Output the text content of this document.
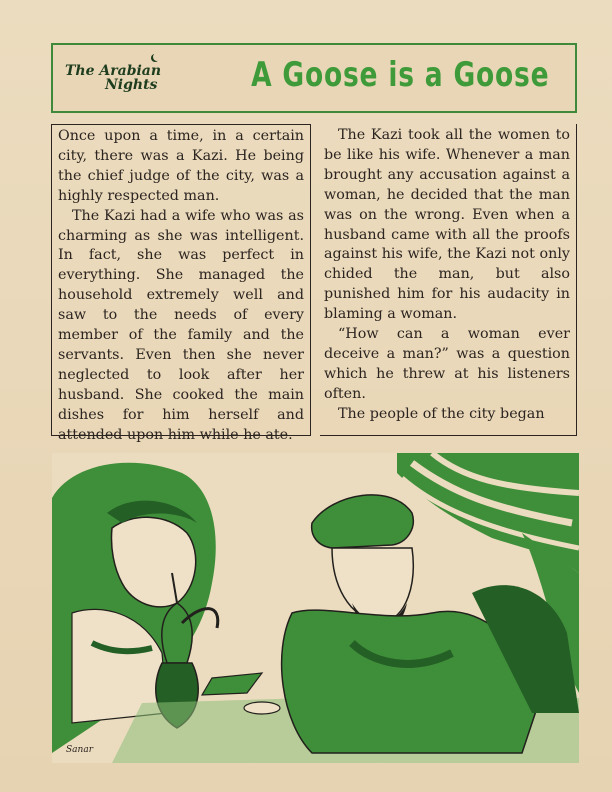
The Arabian
Nights	A Goose is a Goose

Once upon a time, in a certain city, there was a Kazi. He being the chief judge of the city, was a highly respected man.

The Kazi had a wife who was as charming as she was intelligent. In fact, she was perfect in everything. She managed the household extremely well and saw to the needs of every member of the family and the servants. Even then she never neglected to look after her husband. She cooked the main dishes for him herself and attended upon him while he ate.

The Kazi took all the women to be like his wife. Whenever a man brought any accusation against a woman, he decided that the man was on the wrong. Even when a husband came with all the proofs against his wife, the Kazi not only chided the man, but also punished him for his audacity in blaming a woman.

“How can a woman ever deceive a man?” was a question which he threw at his listeners often.

The people of the city began

Sanar
